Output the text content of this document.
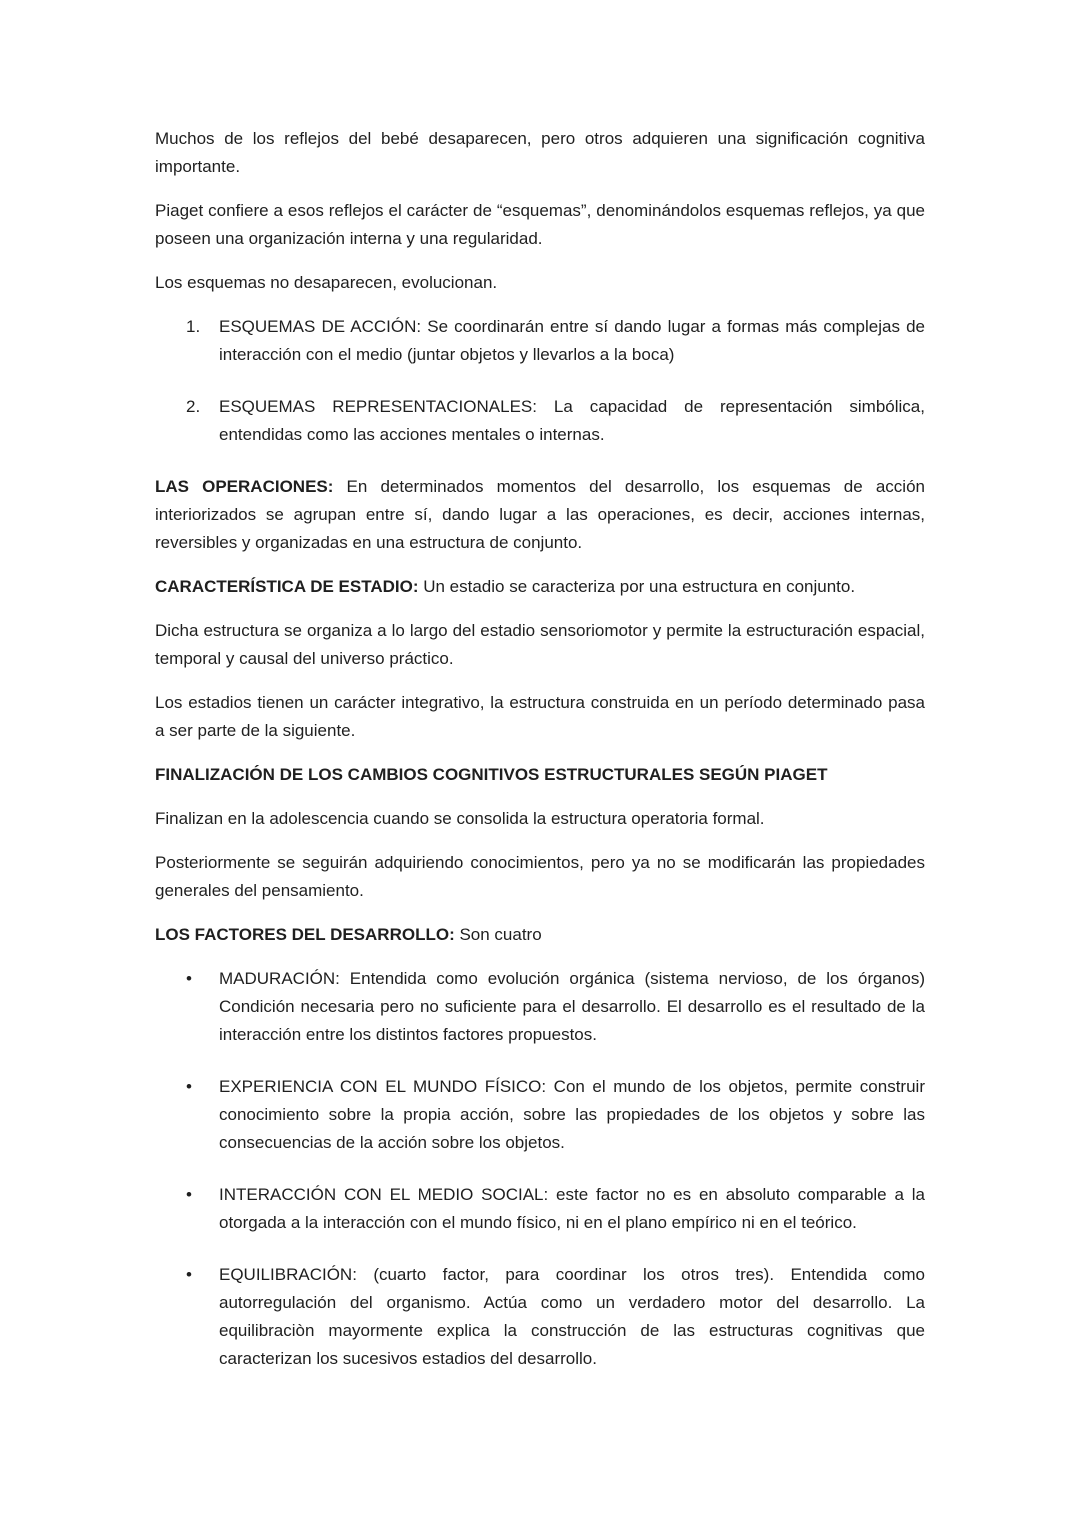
Muchos de los reflejos del bebé desaparecen, pero otros adquieren una significación cognitiva importante.

Piaget confiere a esos reflejos el carácter de “esquemas”, denominándolos esquemas reflejos, ya que poseen una organización interna y una regularidad.

Los esquemas no desaparecen, evolucionan.

1.	ESQUEMAS DE ACCIÓN: Se coordinarán entre sí dando lugar a formas más complejas de interacción con el medio (juntar objetos y llevarlos a la boca)
2.	ESQUEMAS REPRESENTACIONALES: La capacidad de representación simbólica, entendidas como las acciones mentales o internas.

LAS OPERACIONES: En determinados momentos del desarrollo, los esquemas de acción interiorizados se agrupan entre sí, dando lugar a las operaciones, es decir, acciones internas, reversibles y organizadas en una estructura de conjunto.

CARACTERÍSTICA DE ESTADIO: Un estadio se caracteriza por una estructura en conjunto.

Dicha estructura se organiza a lo largo del estadio sensoriomotor y permite la estructuración espacial, temporal y causal del universo práctico.

Los estadios tienen un carácter integrativo, la estructura construida en un período determinado pasa a ser parte de la siguiente.

FINALIZACIÓN DE LOS CAMBIOS COGNITIVOS ESTRUCTURALES SEGÚN PIAGET

Finalizan en la adolescencia cuando se consolida la estructura operatoria formal.

Posteriormente se seguirán adquiriendo conocimientos, pero ya no se modificarán las propiedades generales del pensamiento.

LOS FACTORES DEL DESARROLLO: Son cuatro

•	MADURACIÓN: Entendida como evolución orgánica (sistema nervioso, de los órganos) Condición necesaria pero no suficiente para el desarrollo. El desarrollo es el resultado de la interacción entre los distintos factores propuestos.
•	EXPERIENCIA CON EL MUNDO FÍSICO: Con el mundo de los objetos, permite construir conocimiento sobre la propia acción, sobre las propiedades de los objetos y sobre las consecuencias de la acción sobre los objetos.
•	INTERACCIÓN CON EL MEDIO SOCIAL: este factor no es en absoluto comparable a la otorgada a la interacción con el mundo físico, ni en el plano empírico ni en el teórico.
•	EQUILIBRACIÓN: (cuarto factor, para coordinar los otros tres). Entendida como autorregulación del organismo. Actúa como un verdadero motor del desarrollo. La equilibraciòn mayormente explica la construcción de las estructuras cognitivas que caracterizan los sucesivos estadios del desarrollo.
